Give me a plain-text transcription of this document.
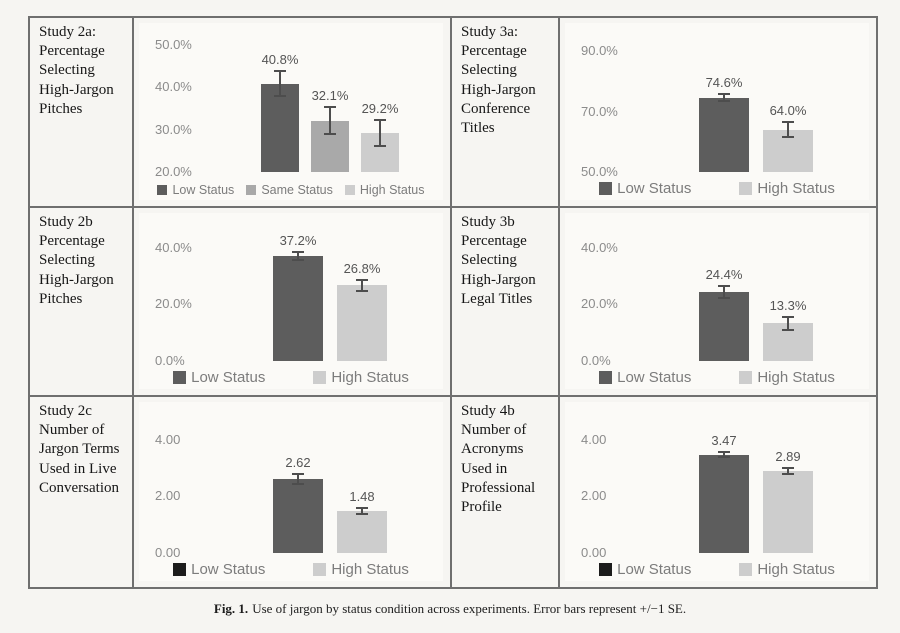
Study 2a: Percentage Selecting High-Jargon Pitches
50.0%
40.0%
30.0%
20.0%
40.8%
32.1%
29.2%
Low Status Same Status High Status
Study 3a: Percentage Selecting High-Jargon Conference Titles
90.0%
70.0%
50.0%
74.6%
64.0%
Low Status	High Status
Study 2b Percentage Selecting High-Jargon Pitches
40.0%
20.0%
0.0%
37.2%
26.8%
Low Status	High Status
Study 3b Percentage Selecting High-Jargon Legal Titles
40.0%
20.0%
0.0%
24.4%
13.3%
Low Status	High Status
Study 2c Number of Jargon Terms Used in Live Conversation
4.00
2.00
0.00
2.62
1.48
Low Status	High Status
Study 4b Number of Acronyms Used in Professional Profile
4.00
2.00
0.00
3.47
2.89
Low Status	High Status
Fig. 1. Use of jargon by status condition across experiments. Error bars represent +/−1 SE.
